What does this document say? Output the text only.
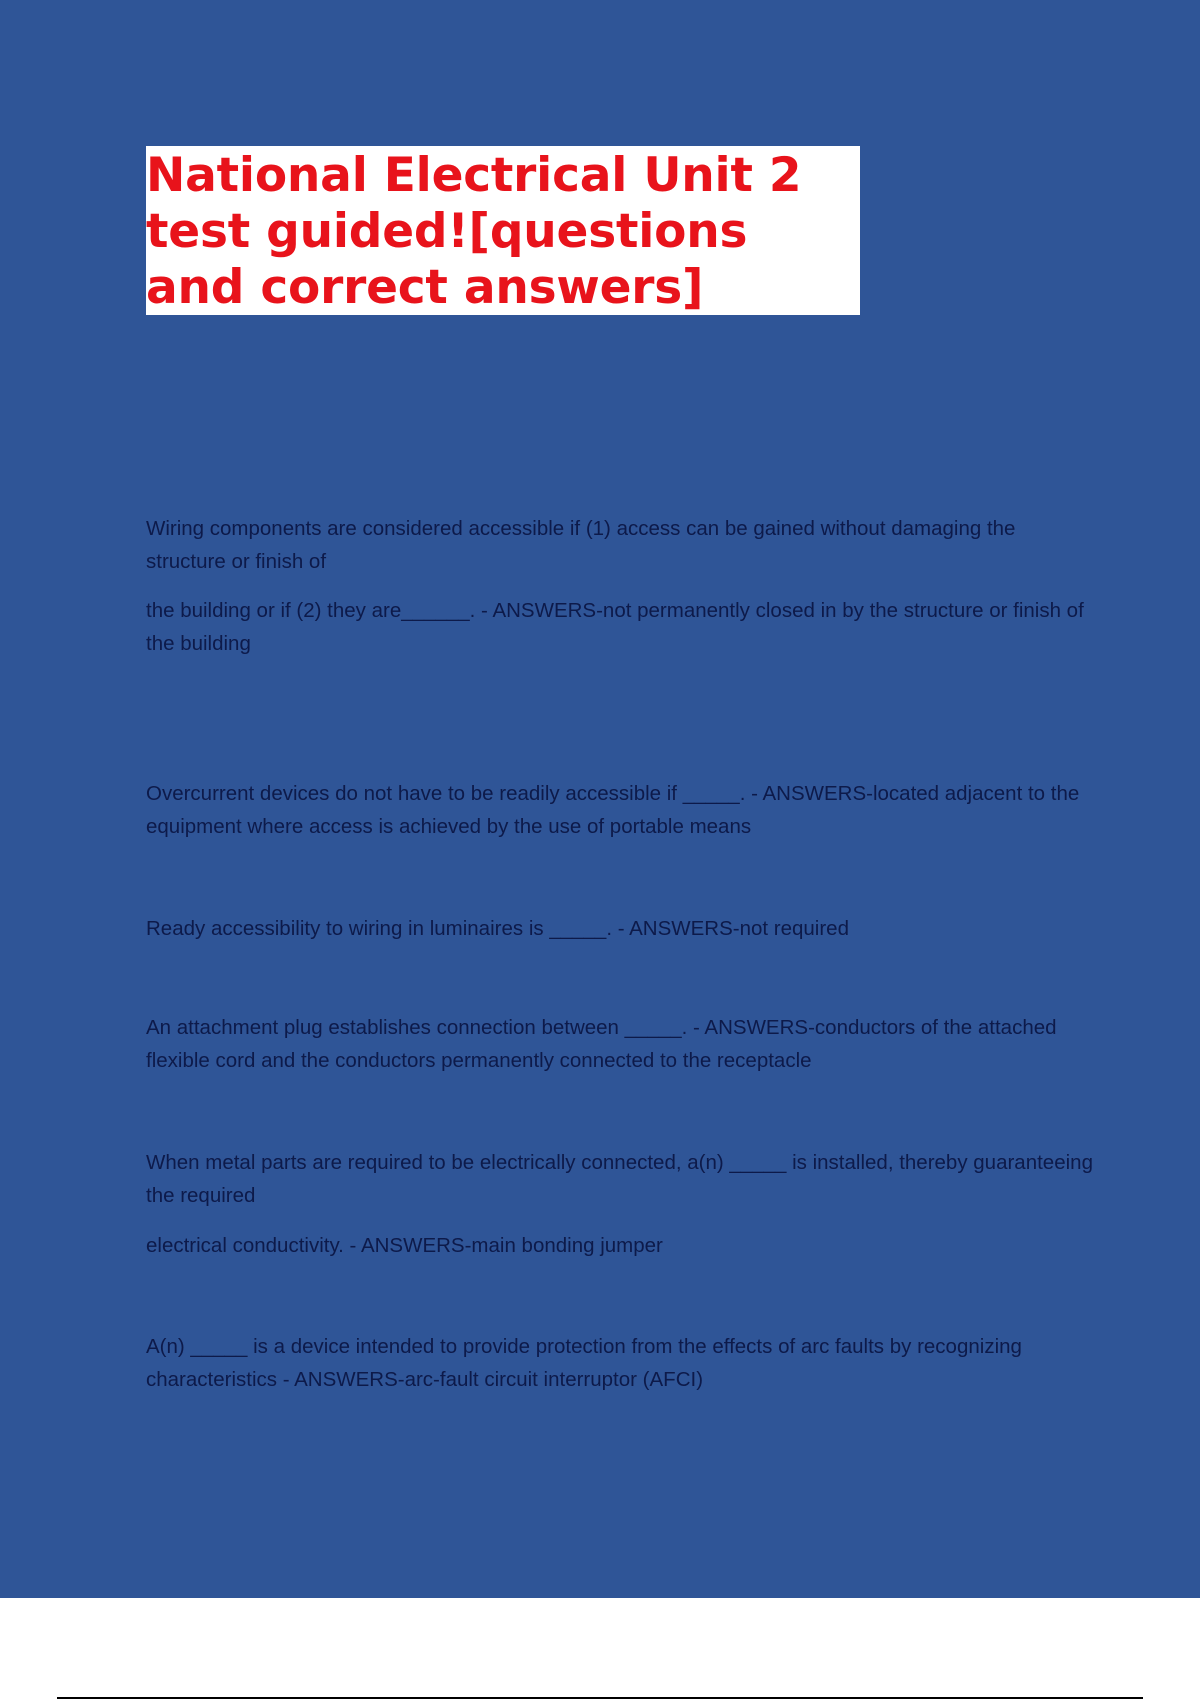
National Electrical Unit 2
test guided![questions
and correct answers]

Wiring components are considered accessible if (1) access can be gained without damaging the structure or finish of

the building or if (2) they are______. - ANSWERS-not permanently closed in by the structure or finish of the building

Overcurrent devices do not have to be readily accessible if _____. - ANSWERS-located adjacent to the equipment where access is achieved by the use of portable means

Ready accessibility to wiring in luminaires is _____. - ANSWERS-not required

An attachment plug establishes connection between _____. - ANSWERS-conductors of the attached flexible cord and the conductors permanently connected to the receptacle

When metal parts are required to be electrically connected, a(n) _____ is installed, thereby guaranteeing the required

electrical conductivity. - ANSWERS-main bonding jumper

A(n) _____ is a device intended to provide protection from the effects of arc faults by recognizing characteristics - ANSWERS-arc-fault circuit interruptor (AFCI)
